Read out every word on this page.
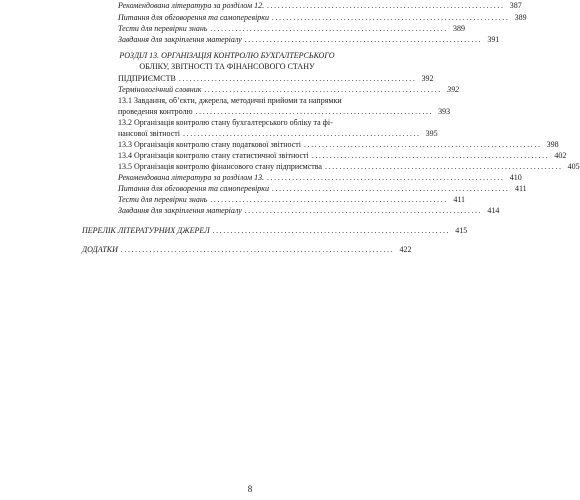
Рекомендована література за розділом 12. .................................................................. 387
Питання для обговорення та самоперевірки .................................................................. 389
Тести для перевірки знань .................................................................. 389
Завдання для закріплення матеріалу .................................................................. 391
РОЗДІЛ 13. ОРГАНІЗАЦІЯ КОНТРОЛЮ БУХГАЛТЕРСЬКОГО
ОБЛІКУ, ЗВІТНОСТІ ТА ФІНАНСОВОГО СТАНУ
ПІДПРИЄМСТВ .................................................................. 392
Термінологічний словник .................................................................. 392
13.1 Завдання, об’єкти, джерела, методичні прийоми та напрямки
проведення контролю .................................................................. 393
13.2 Організація контролю стану бухгалтерського обліку та фі-
нансової звітності .................................................................. 395
13.3 Організація контролю стану податкової звітності .................................................................. 398
13.4 Організація контролю стану статистичної звітності .................................................................. 402
13.5 Організація контролю фінансового стану підприємства .................................................................. 405
Рекомендована література за розділом 13. .................................................................. 410
Питання для обговорення та самоперевірки .................................................................. 411
Тести для перевірки знань .................................................................. 411
Завдання для закріплення матеріалу .................................................................. 414
ПЕРЕЛІК ЛІТЕРАТУРНИХ ДЖЕРЕЛ .................................................................. 415
ДОДАТКИ ............................................................................ 422
8
